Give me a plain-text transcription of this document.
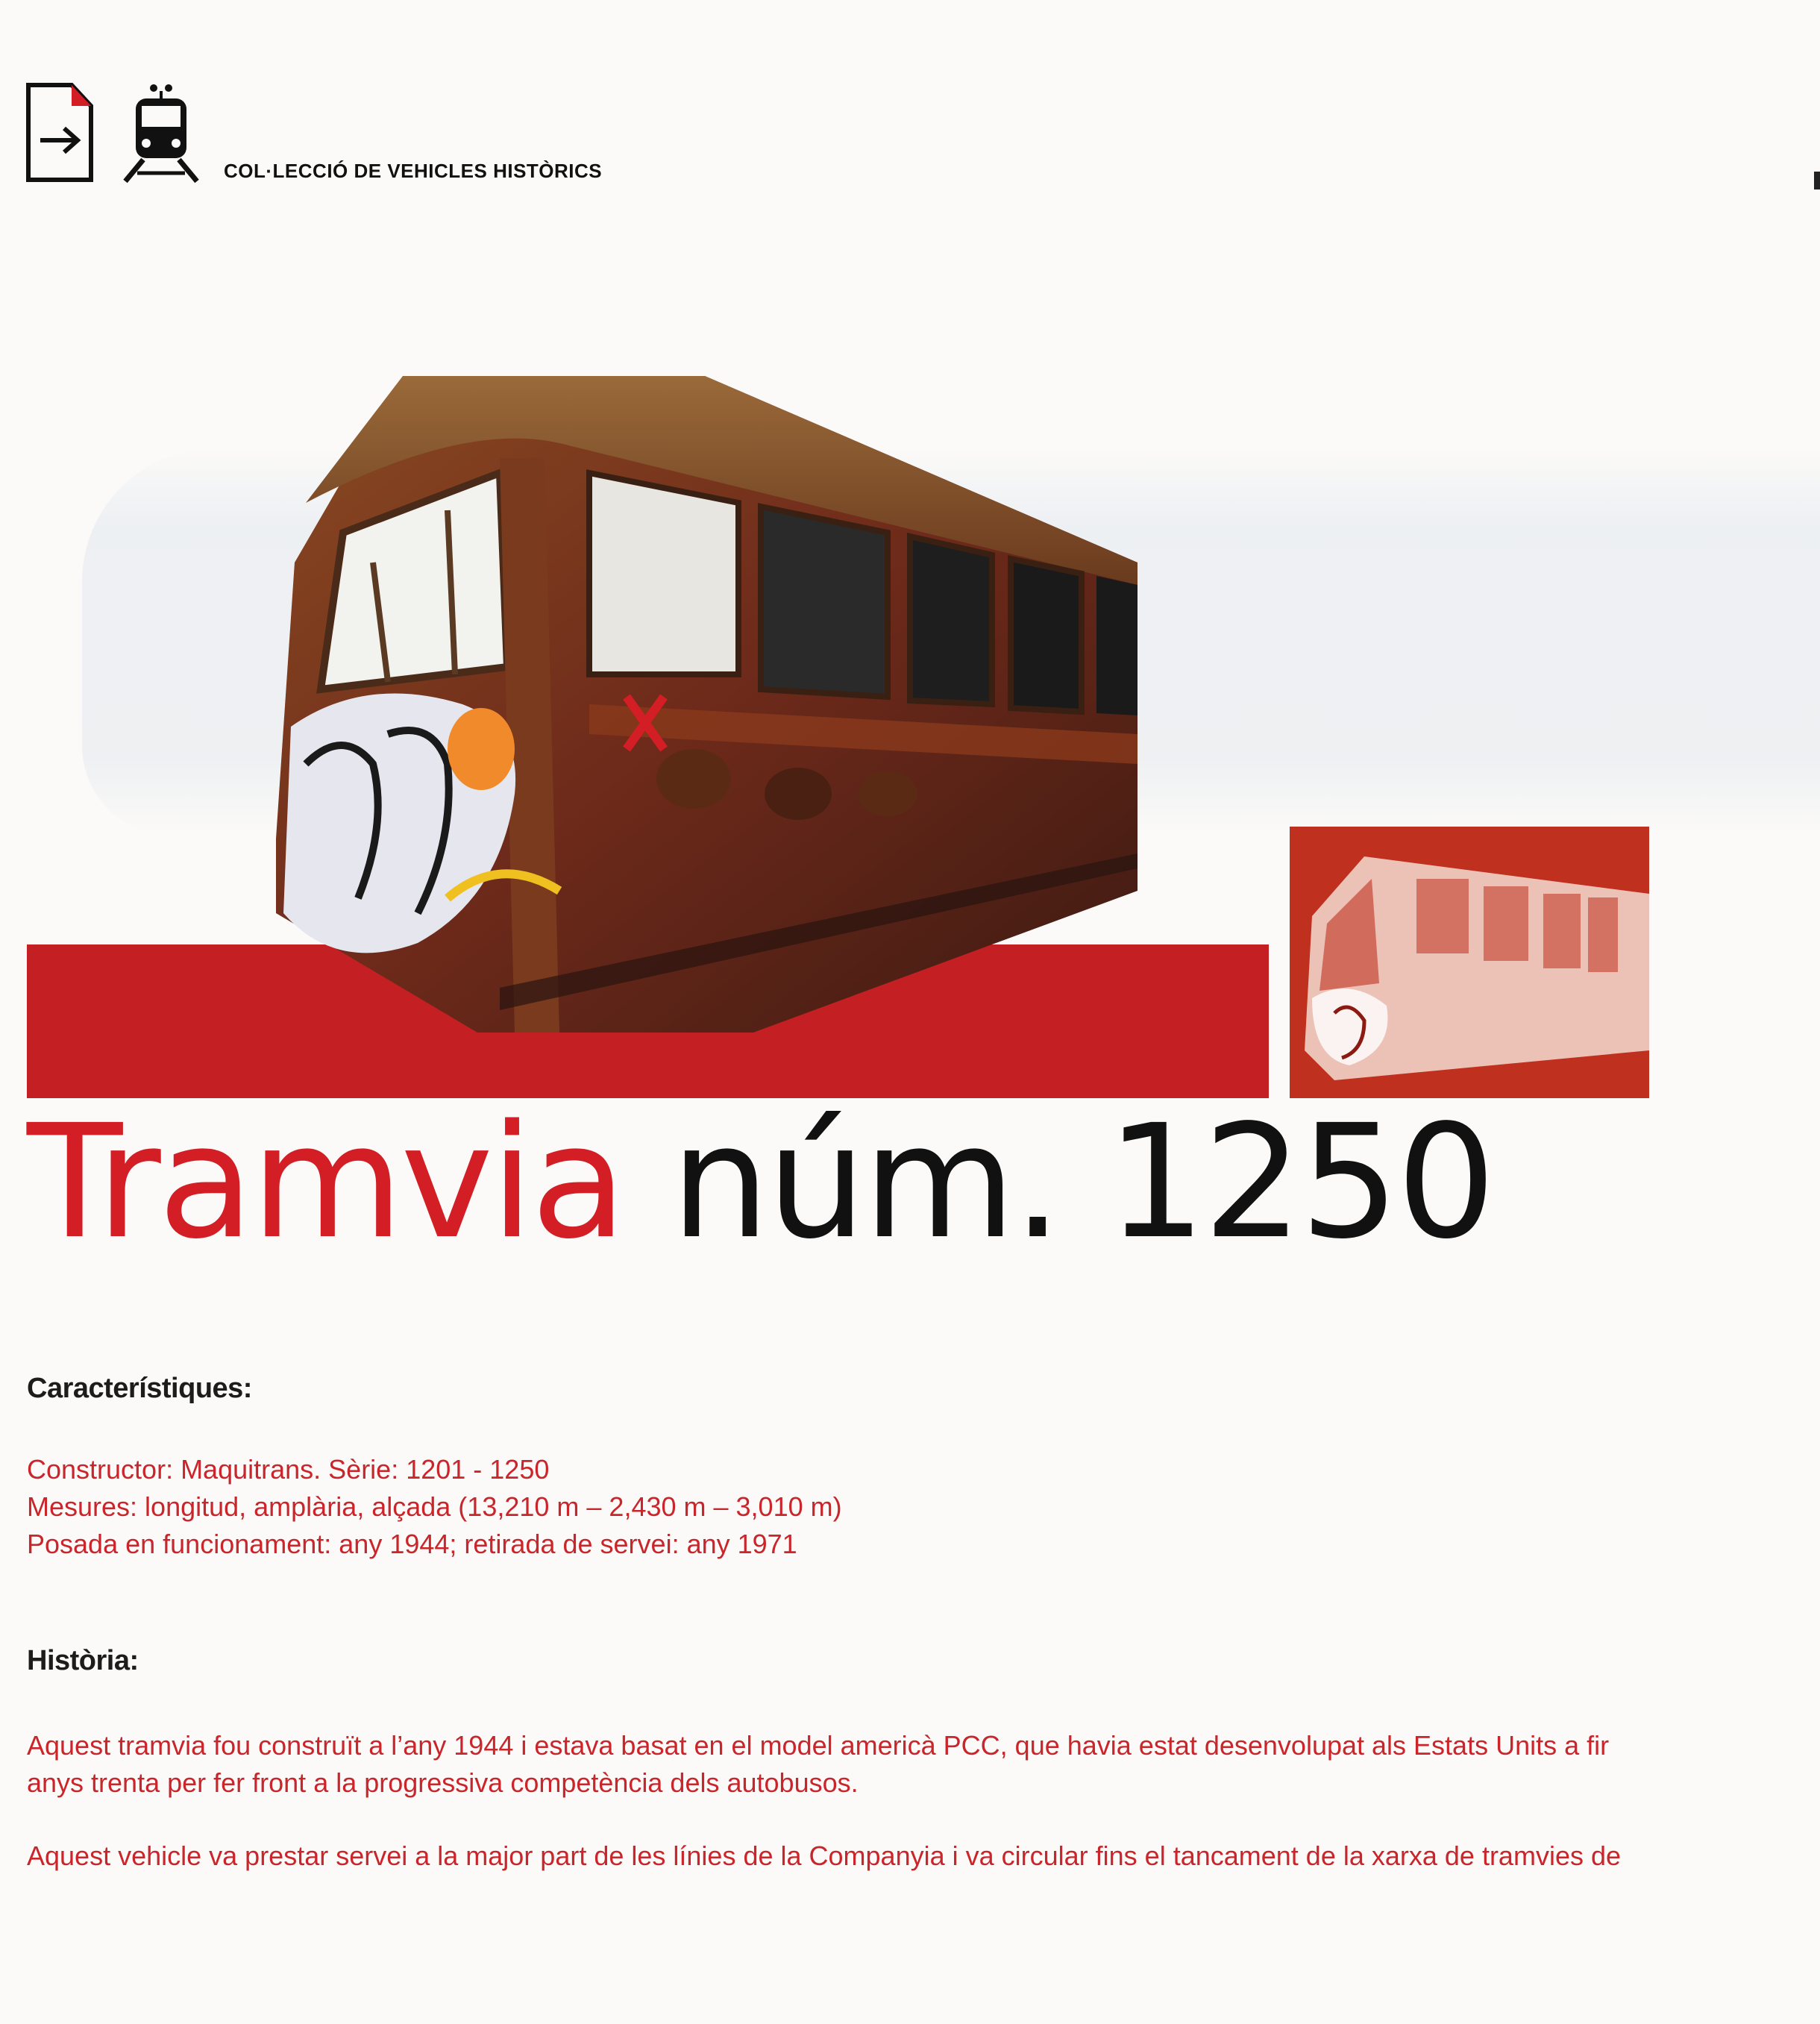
COL·LECCIÓ DE VEHICLES HISTÒRICS
Tramvia núm. 1250
Característiques:
Constructor: Maquitrans. Sèrie: 1201 - 1250
Mesures: longitud, amplària, alçada (13,210 m – 2,430 m – 3,010 m)
Posada en funcionament: any 1944; retirada de servei: any 1971
Història:
Aquest tramvia fou construït a l’any 1944 i estava basat en el model americà PCC, que havia estat desenvolupat als Estats Units a fir
anys trenta per fer front a la progressiva competència dels autobusos.
Aquest vehicle va prestar servei a la major part de les línies de la Companyia i va circular fins el tancament de la xarxa de tramvies de
